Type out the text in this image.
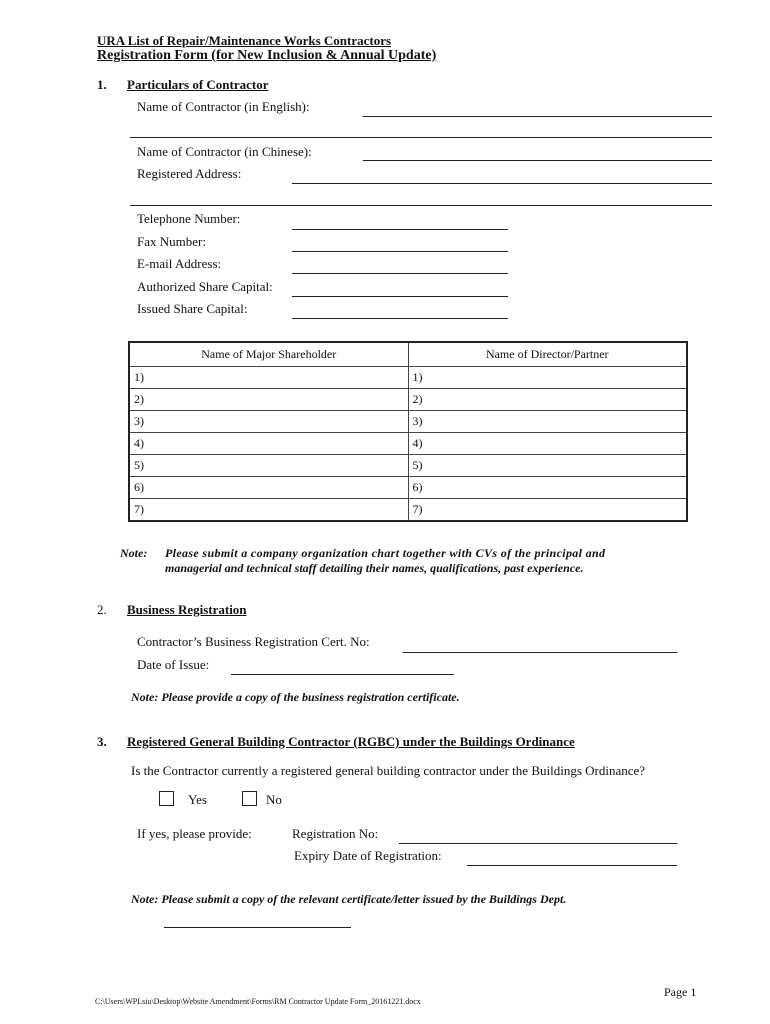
URA List of Repair/Maintenance Works Contractors
Registration Form (for New Inclusion & Annual Update)
1. Particulars of Contractor
Name of Contractor (in English):
Name of Contractor (in Chinese):
Registered Address:
Telephone Number:
Fax Number:
E-mail Address:
Authorized Share Capital:
Issued Share Capital:
Name of Major Shareholder	Name of Director/Partner
1)	1)
2)	2)
3)	3)
4)	4)
5)	5)
6)	6)
7)	7)
Note: Please submit a company organization chart together with CVs of the principal and
managerial and technical staff detailing their names, qualifications, past experience.
2. Business Registration
Contractor’s Business Registration Cert. No:
Date of Issue:
Note: Please provide a copy of the business registration certificate.
3. Registered General Building Contractor (RGBC) under the Buildings Ordinance
Is the Contractor currently a registered general building contractor under the Buildings Ordinance?
Yes	No
If yes, please provide:	Registration No:
Expiry Date of Registration:
Note: Please submit a copy of the relevant certificate/letter issued by the Buildings Dept.
Page 1
C:\Users\WPLsiu\Desktop\Website Amendment\Forms\RM Contractor Update Form_20161221.docx
